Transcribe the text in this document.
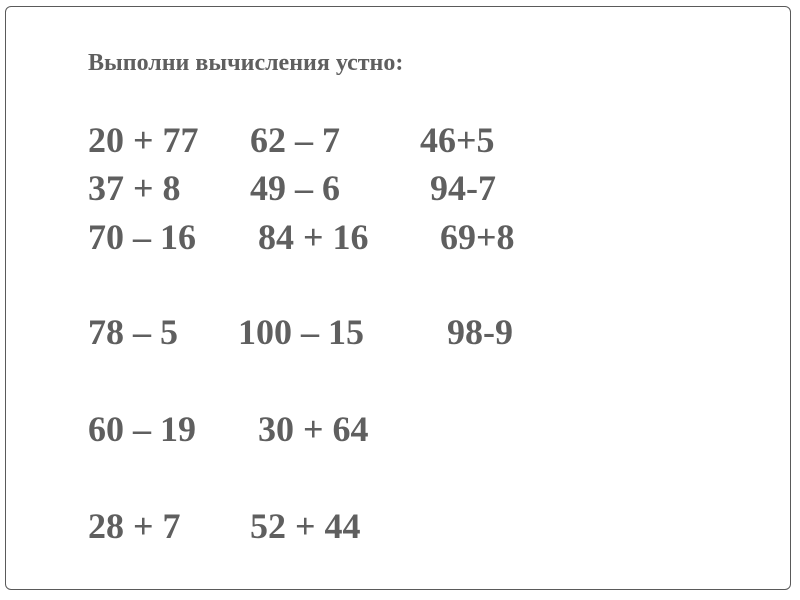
Выполни вычисления устно:
20 + 77 62 – 7 46+5
37 + 8 49 – 6	94-7
70 – 16 84 + 16 69+8
78 – 5 100 – 15 98-9
60 – 19 30 + 64
28 + 7 52 + 44
